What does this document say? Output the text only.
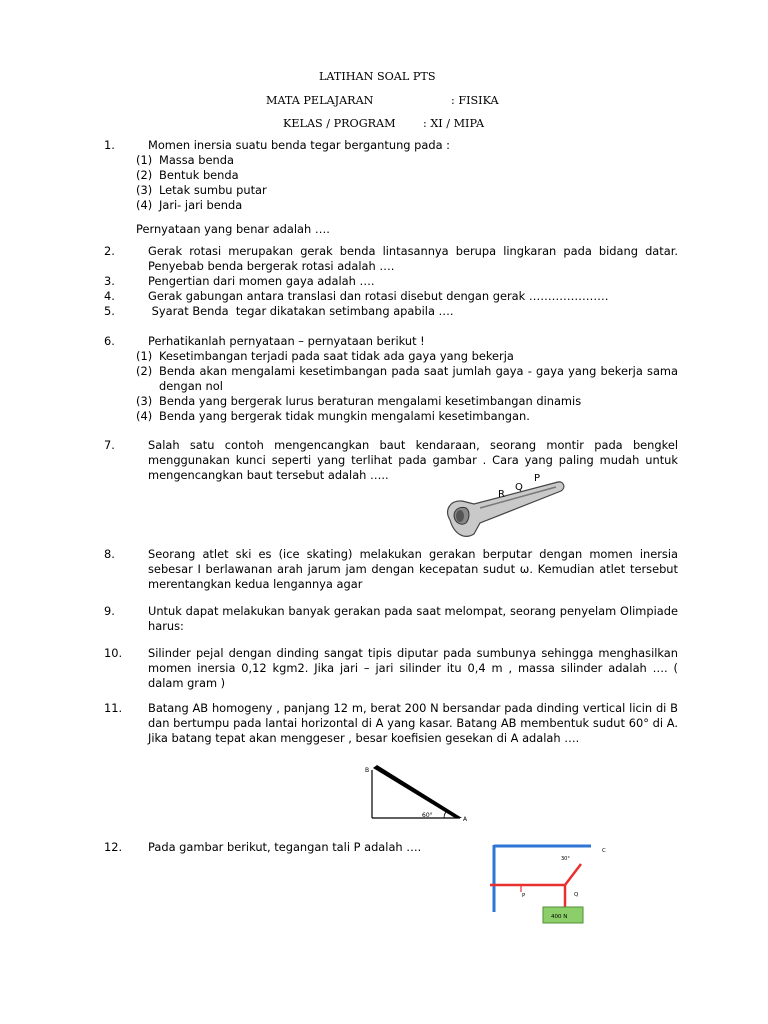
LATIHAN SOAL PTS
MATA PELAJARAN	: FISIKA
KELAS / PROGRAM : XI / MIPA
1.	Momen inersia suatu benda tegar bergantung pada :
(1) Massa benda
(2) Bentuk benda
(3) Letak sumbu putar
(4) Jari- jari benda
Pernyataan yang benar adalah ….
2.	Gerak rotasi merupakan gerak benda lintasannya berupa lingkaran pada bidang datar. Penyebab benda bergerak rotasi adalah ….
3.	Pengertian dari momen gaya adalah ….
4.	Gerak gabungan antara translasi dan rotasi disebut dengan gerak …………………
5.	Syarat Benda  tegar dikatakan setimbang apabila ….
6.	Perhatikanlah pernyataan – pernyataan berikut !
(1) Kesetimbangan terjadi pada saat tidak ada gaya yang bekerja
(2) Benda akan mengalami kesetimbangan pada saat jumlah gaya - gaya yang bekerja sama dengan nol
(3) Benda yang bergerak lurus beraturan mengalami kesetimbangan dinamis
(4) Benda yang bergerak tidak mungkin mengalami kesetimbangan.
7.	Salah satu contoh mengencangkan baut kendaraan, seorang montir pada bengkel menggunakan kunci seperti yang terlihat pada gambar . Cara yang paling mudah untuk mengencangkan baut tersebut adalah …..
R
Q
P
8.	Seorang atlet ski es (ice skating) melakukan gerakan berputar dengan momen inersia sebesar I berlawanan arah jarum jam dengan kecepatan sudut ω. Kemudian atlet tersebut merentangkan kedua lengannya agar
9.	Untuk dapat melakukan banyak gerakan pada saat melompat, seorang penyelam Olimpiade harus:
10. Silinder pejal dengan dinding sangat tipis diputar pada sumbunya sehingga menghasilkan momen inersia 0,12 kgm2. Jika jari – jari silinder itu 0,4 m , massa silinder adalah …. ( dalam gram )
11. Batang AB homogeny , panjang 12 m, berat 200 N bersandar pada dinding vertical licin di B dan bertumpu pada lantai horizontal di A yang kasar. Batang AB membentuk sudut 60° di A. Jika batang tepat akan menggeser , besar koefisien gesekan di A adalah ….
B
A
60°
12. Pada gambar berikut, tegangan tali P adalah ….
400 N
C
30°
P	Q
